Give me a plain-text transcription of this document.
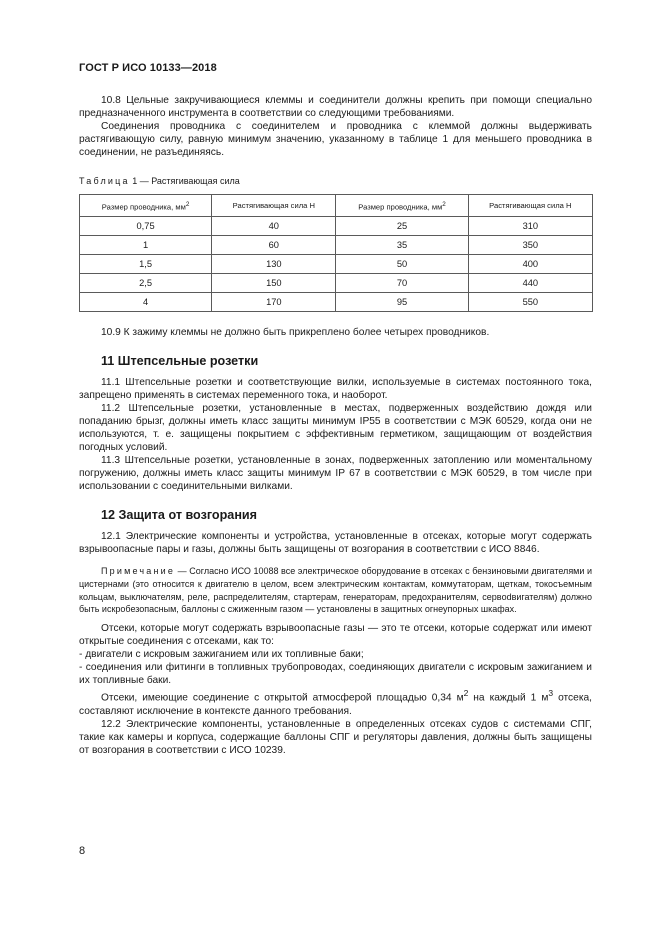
ГОСТ Р ИСО 10133—2018

10.8 Цельные закручивающиеся клеммы и соединители должны крепить при помощи специально предназначенного инструмента в соответствии со следующими требованиями.

Соединения проводника с соединителем и проводника с клеммой должны выдерживать растягивающую силу, равную минимум значению, указанному в таблице 1 для меньшего проводника в соединении, не разъединяясь.

Таблица 1 — Растягивающая сила
Размер проводника, $мм^2$	Растягивающая сила Н	Размер проводника, $мм^2$	Растягивающая сила Н
0,75	40	25	310
1	60	35	350
1,5	130	50	400
2,5	150	70	440
4	170	95	550

10.9 К зажиму клеммы не должно быть прикреплено более четырех проводников.

11 Штепсельные розетки

11.1 Штепсельные розетки и соответствующие вилки, используемые в системах постоянного тока, запрещено применять в системах переменного тока, и наоборот.

11.2 Штепсельные розетки, установленные в местах, подверженных воздействию дождя или попаданию брызг, должны иметь класс защиты минимум IP55 в соответствии с МЭК 60529, когда они не используются, т. е. защищены покрытием с эффективным герметиком, защищающим от воздействия погодных условий.

11.3 Штепсельные розетки, установленные в зонах, подверженных затоплению или моментальному погружению, должны иметь класс защиты минимум IP 67 в соответствии с МЭК 60529, в том числе при использовании с соединительными вилками.

12 Защита от возгорания

12.1 Электрические компоненты и устройства, установленные в отсеках, которые могут содержать взрывоопасные пары и газы, должны быть защищены от возгорания в соответствии с ИСО 8846.

Примечание — Согласно ИСО 10088 все электрическое оборудование в отсеках с бензиновыми двигателями и цистернами (это относится к двигателю в целом, всем электрическим контактам, коммутаторам, щеткам, токосъемным кольцам, выключателям, реле, распределителям, стартерам, генераторам, предохранителям, сервodвигателям) должно быть искробезопасным, баллоны с сжиженным газом — установлены в защитных огнеупорных шкафах.

Отсеки, которые могут содержать взрывоопасные газы — это те отсеки, которые содержат или имеют открытые соединения с отсеками, как то:

- двигатели с искровым зажиганием или их топливные баки;

- соединения или фитинги в топливных трубопроводах, соединяющих двигатели с искровым зажиганием и их топливные баки.

Отсеки, имеющие соединение с открытой атмосферой площадью 0,34 $м^2$ на каждый 1 $м^3$ отсека, составляют исключение в контексте данного требования.

12.2 Электрические компоненты, установленные в определенных отсеках судов с системами СПГ, такие как камеры и корпуса, содержащие баллоны СПГ и регуляторы давления, должны быть защищены от возгорания в соответствии с ИСО 10239.

8
